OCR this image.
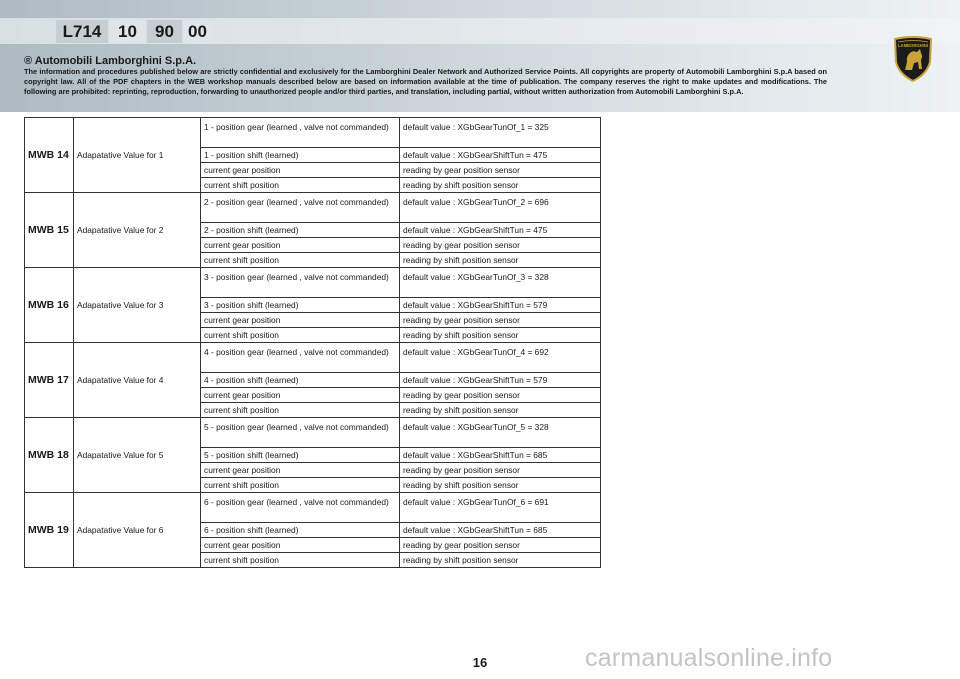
L714 10	90 00
® Automobili Lamborghini S.p.A.
The information and procedures published below are strictly confidential and exclusively for the Lamborghini Dealer Network and Authorized Service Points. All copyrights are property of Automobili Lamborghini S.p.A based on copyright law. All of the PDF chapters in the WEB workshop manuals described below are based on information available at the time of publication. The company reserves the right to make updates and modifications. The following are prohibited: reprinting, reproduction, forwarding to unauthorized people and/or third parties, and translation, including partial, without written authorization from Automobili Lamborghini S.p.A.
LAMBORGHINI
MWB 14	Adapatative Value for 1	1 - position gear (learned , valve not commanded)	default value : XGbGearTunOf_1 = 325
		1 - position shift (learned)	default value : XGbGearShiftTun = 475
		current gear position	reading by gear position sensor
		current shift position	reading by shift position sensor
MWB 15	Adapatative Value for 2	2 - position gear (learned , valve not commanded)	default value : XGbGearTunOf_2 = 696
		2 - position shift (learned)	default value : XGbGearShiftTun = 475
		current gear position	reading by gear position sensor
		current shift position	reading by shift position sensor
MWB 16	Adapatative Value for 3	3 - position gear (learned , valve not commanded)	default value : XGbGearTunOf_3 = 328
		3 - position shift (learned)	default value : XGbGearShiftTun = 579
		current gear position	reading by gear position sensor
		current shift position	reading by shift position sensor
MWB 17	Adapatative Value for 4	4 - position gear (learned , valve not commanded)	default value : XGbGearTunOf_4 = 692
		4 - position shift (learned)	default value : XGbGearShiftTun = 579
		current gear position	reading by gear position sensor
		current shift position	reading by shift position sensor
MWB 18	Adapatative Value for 5	5 - position gear (learned , valve not commanded)	default value : XGbGearTunOf_5 = 328
		5 - position shift (learned)	default value : XGbGearShiftTun = 685
		current gear position	reading by gear position sensor
		current shift position	reading by shift position sensor
MWB 19	Adapatative Value for 6	6 - position gear (learned , valve not commanded)	default value : XGbGearTunOf_6 = 691
		6 - position shift (learned)	default value : XGbGearShiftTun = 685
		current gear position	reading by gear position sensor
		current shift position	reading by shift position sensor
16	carmanualsonline.info
